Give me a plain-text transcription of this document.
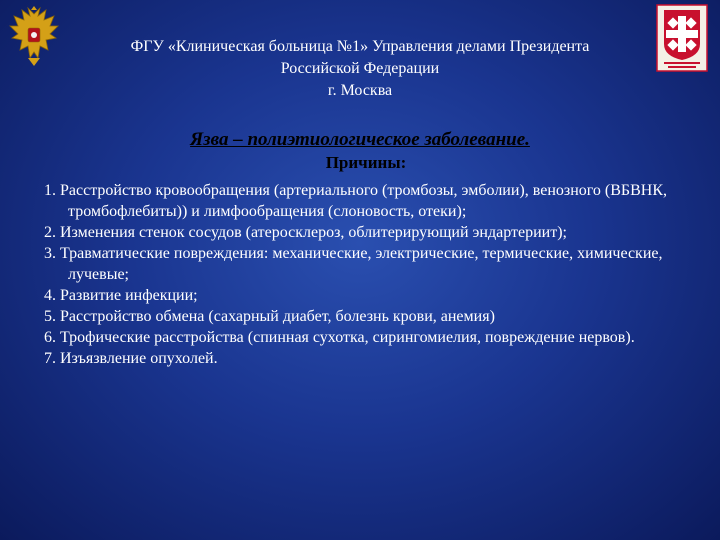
ФГУ «Клиническая больница №1» Управления делами Президента
Российской Федерации
г. Москва
Язва – полиэтиологическое заболевание.
Причины:
1. Расстройство кровообращения (артериального (тромбозы, эмболии), венозного (ВБВНК, тромбофлебиты)) и лимфообращения (слоновость, отеки);
2. Изменения стенок сосудов (атеросклероз, облитерирующий эндартериит);
3. Травматические повреждения: механические, электрические, термические, химические, лучевые;
4. Развитие инфекции;
5. Расстройство обмена (сахарный диабет, болезнь крови, анемия)
6. Трофические расстройства (спинная сухотка, сирингомиелия, повреждение нервов).
7. Изъязвление опухолей.
